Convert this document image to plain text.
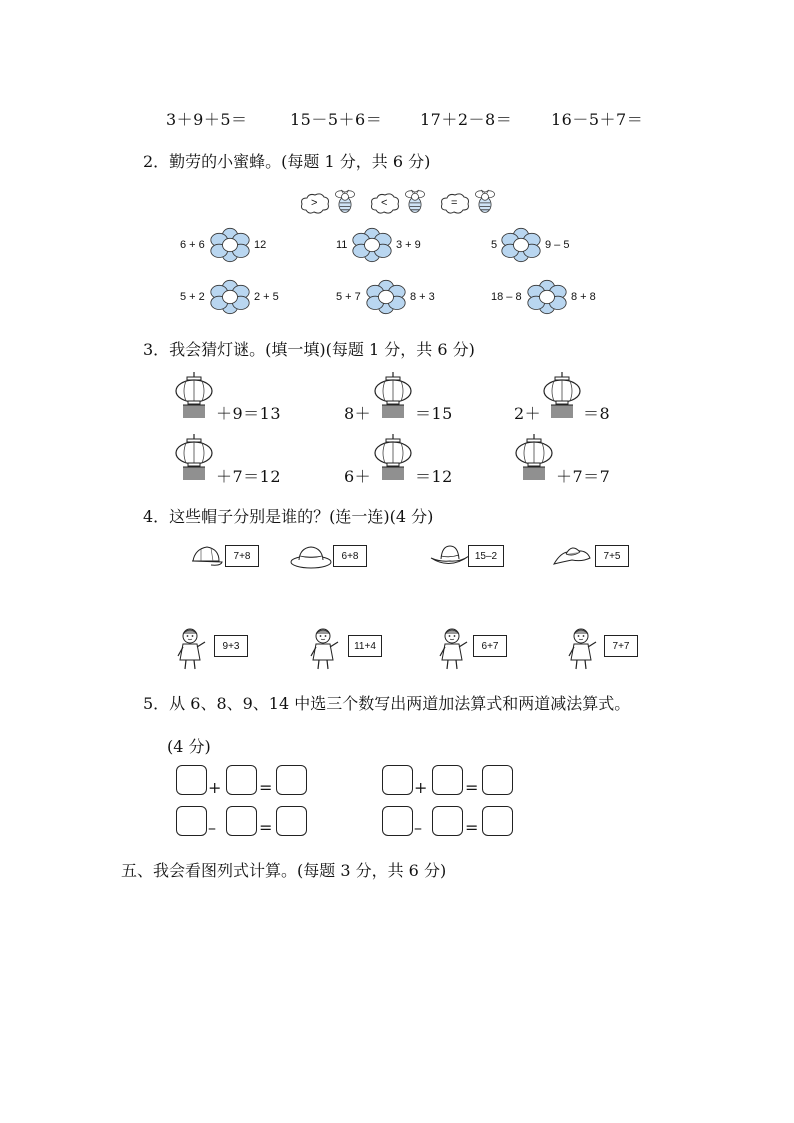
3＋9＋5＝	15－5＋6＝ 17＋2－8＝ 16－5＋7＝
2．勤劳的小蜜蜂。(每题 1 分，共 6 分)
>	<	=
6 + 6	12	11	3 + 9	5	9 – 5
5 + 2	2 + 5	5 + 7	8 + 3	18 – 8	8 + 8
3．我会猜灯谜。(填一填)(每题 1 分，共 6 分)
＋9＝13	8＋	＝15	2＋	＝8
＋7＝12	6＋	＝12	＋7＝7
4．这些帽子分别是谁的？(连一连)(4 分)
7+8	6+8	15–2	7+5
9+3	11+4	6+7	7+7
5．从 6、8、9、14 中选三个数写出两道加法算式和两道减法算式。
(4 分)
+ =
–	=
+ =
–	=
五、我会看图列式计算。(每题 3 分，共 6 分)
